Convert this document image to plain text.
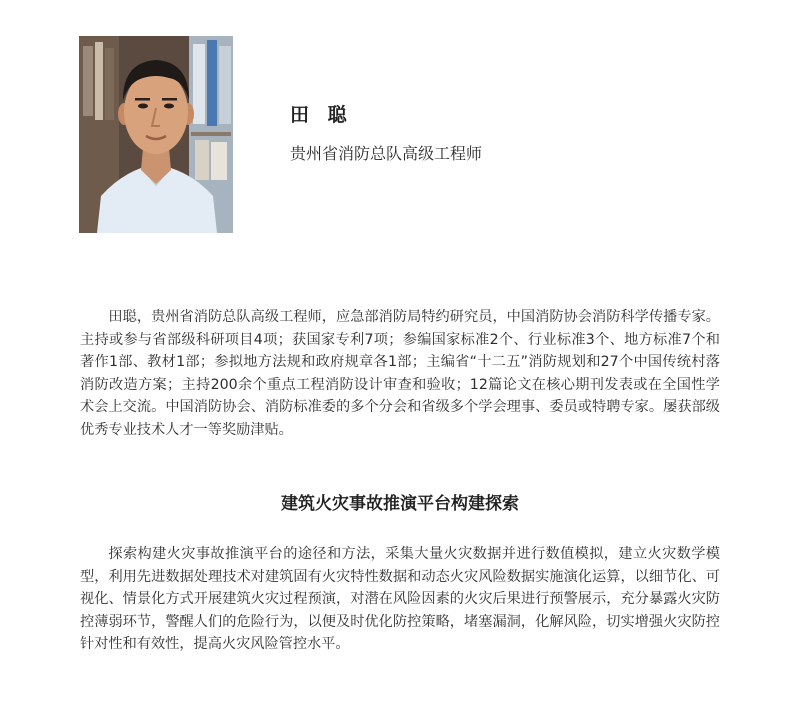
田 聪

贵州省消防总队高级工程师

田聪，贵州省消防总队高级工程师，应急部消防局特约研究员，中国消防协会消防科学传播专家。主持或参与省部级科研项目4项；获国家专利7项；参编国家标准2个、行业标准3个、地方标准7个和著作1部、教材1部；参拟地方法规和政府规章各1部；主编省“十二五”消防规划和27个中国传统村落消防改造方案；主持200余个重点工程消防设计审查和验收；12篇论文在核心期刊发表或在全国性学术会上交流。中国消防协会、消防标准委的多个分会和省级多个学会理事、委员或特聘专家。屡获部级优秀专业技术人才一等奖励津贴。

建筑火灾事故推演平台构建探索

探索构建火灾事故推演平台的途径和方法，采集大量火灾数据并进行数值模拟，建立火灾数学模型，利用先进数据处理技术对建筑固有火灾特性数据和动态火灾风险数据实施演化运算，以细节化、可视化、情景化方式开展建筑火灾过程预演，对潜在风险因素的火灾后果进行预警展示，充分暴露火灾防控薄弱环节，警醒人们的危险行为，以便及时优化防控策略，堵塞漏洞，化解风险，切实增强火灾防控针对性和有效性，提高火灾风险管控水平。
